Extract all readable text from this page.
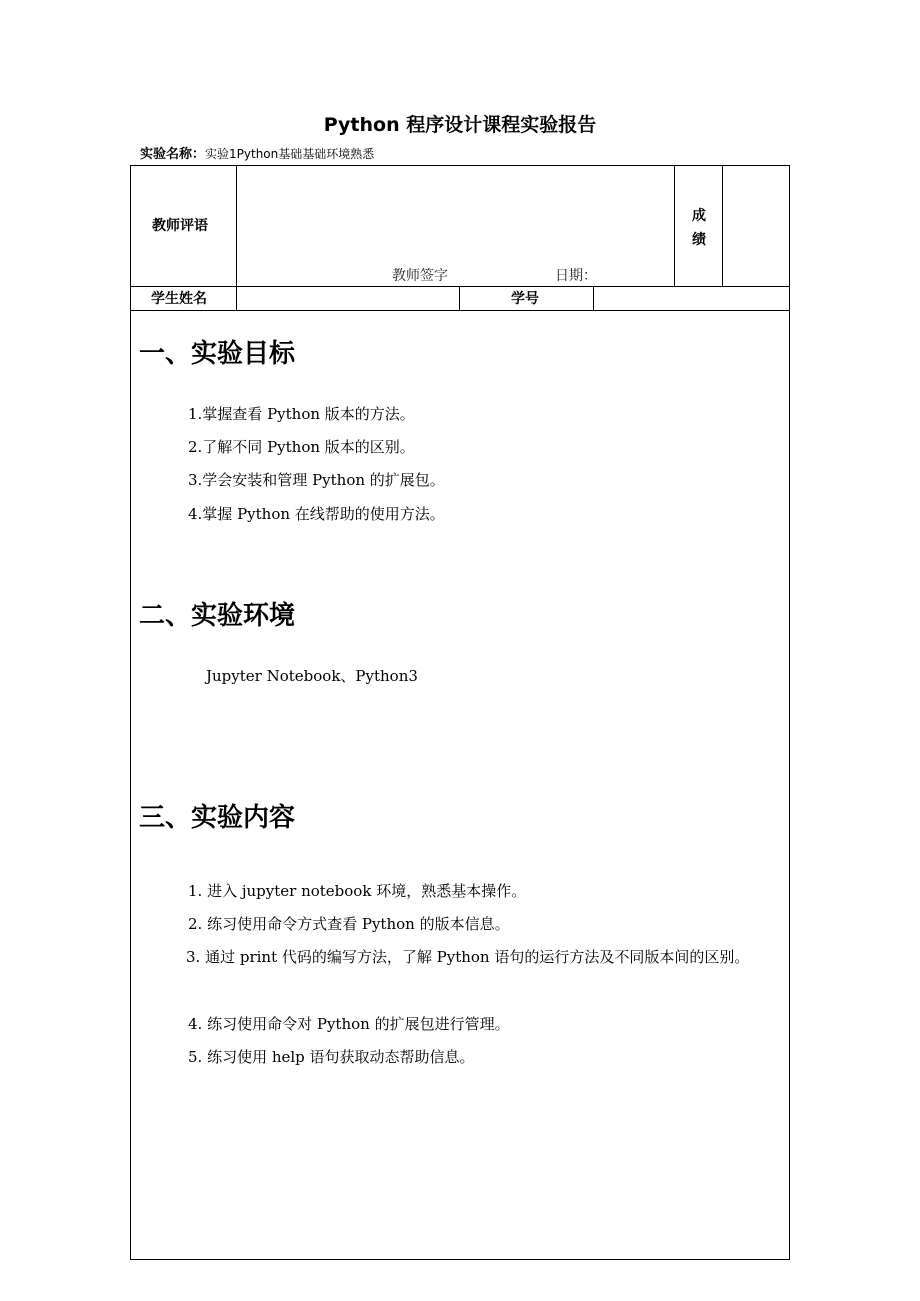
Python 程序设计课程实验报告
实验名称：实验1Python基础基础环境熟悉
教师评语
教师签字	日期：
成绩
学生姓名	学号
一、实验目标
1.掌握查看 Python 版本的方法。
2.了解不同 Python 版本的区别。
3.学会安装和管理 Python 的扩展包。
4.掌握 Python 在线帮助的使用方法。
二、实验环境
Jupyter Notebook、Python3
三、实验内容
1. 进入 jupyter notebook 环境，熟悉基本操作。
2. 练习使用命令方式查看 Python 的版本信息。
3. 通过 print 代码的编写方法，了解 Python 语句的运行方法及不同版本间的区别。
4. 练习使用命令对 Python 的扩展包进行管理。
5. 练习使用 help 语句获取动态帮助信息。
